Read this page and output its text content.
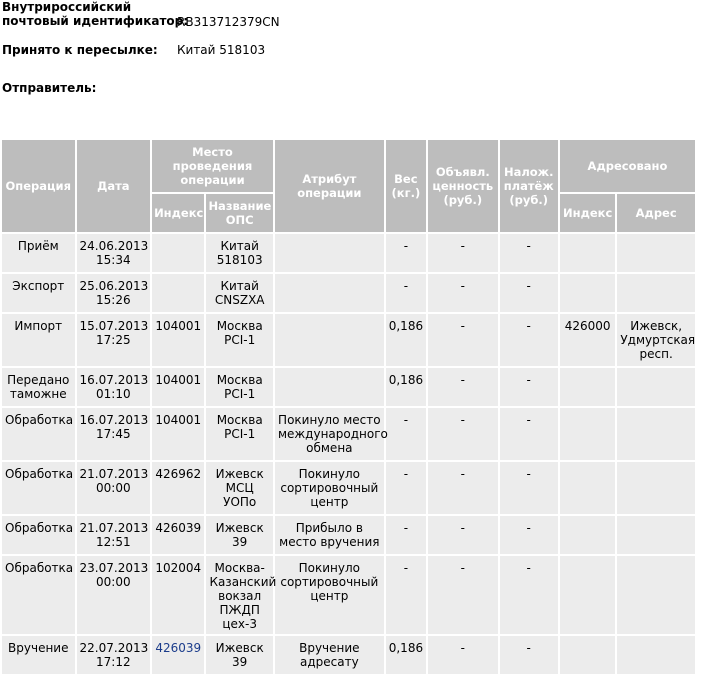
Внутрироссийский
почтовый идентификатор:
RB313712379CN
Принято к пересылке: Китай 518103
Отправитель:
Операция	Дата	Место проведения операции		Атрибут операции	Вес (кг.)	Объявл. ценность (руб.)	Налож. платёж (руб.)	Адресовано	
		Индекс	Название ОПС					Индекс	Адрес
Приём	24.06.2013 15:34		Китай 518103		-	-	-		
Экспорт	25.06.2013 15:26		Китай CNSZXA		-	-	-		
Импорт	15.07.2013 17:25	104001	Москва PCI-1		0,186	-	-	426000	Ижевск, Удмуртская респ.
Передано таможне	16.07.2013 01:10	104001	Москва PCI-1		0,186	-	-		
Обработка	16.07.2013 17:45	104001	Москва PCI-1	Покинуло место международного обмена	-	-	-		
Обработка	21.07.2013 00:00	426962	Ижевск МСЦ УОПо	Покинуло сортировочный центр	-	-	-		
Обработка	21.07.2013 12:51	426039	Ижевск 39	Прибыло в место вручения	-	-	-		
Обработка	23.07.2013 00:00	102004	Москва-Казанский вокзал ПЖДП цех-3	Покинуло сортировочный центр	-	-	-		
Вручение	22.07.2013 17:12	426039	Ижевск 39	Вручение адресату	0,186	-	-		
